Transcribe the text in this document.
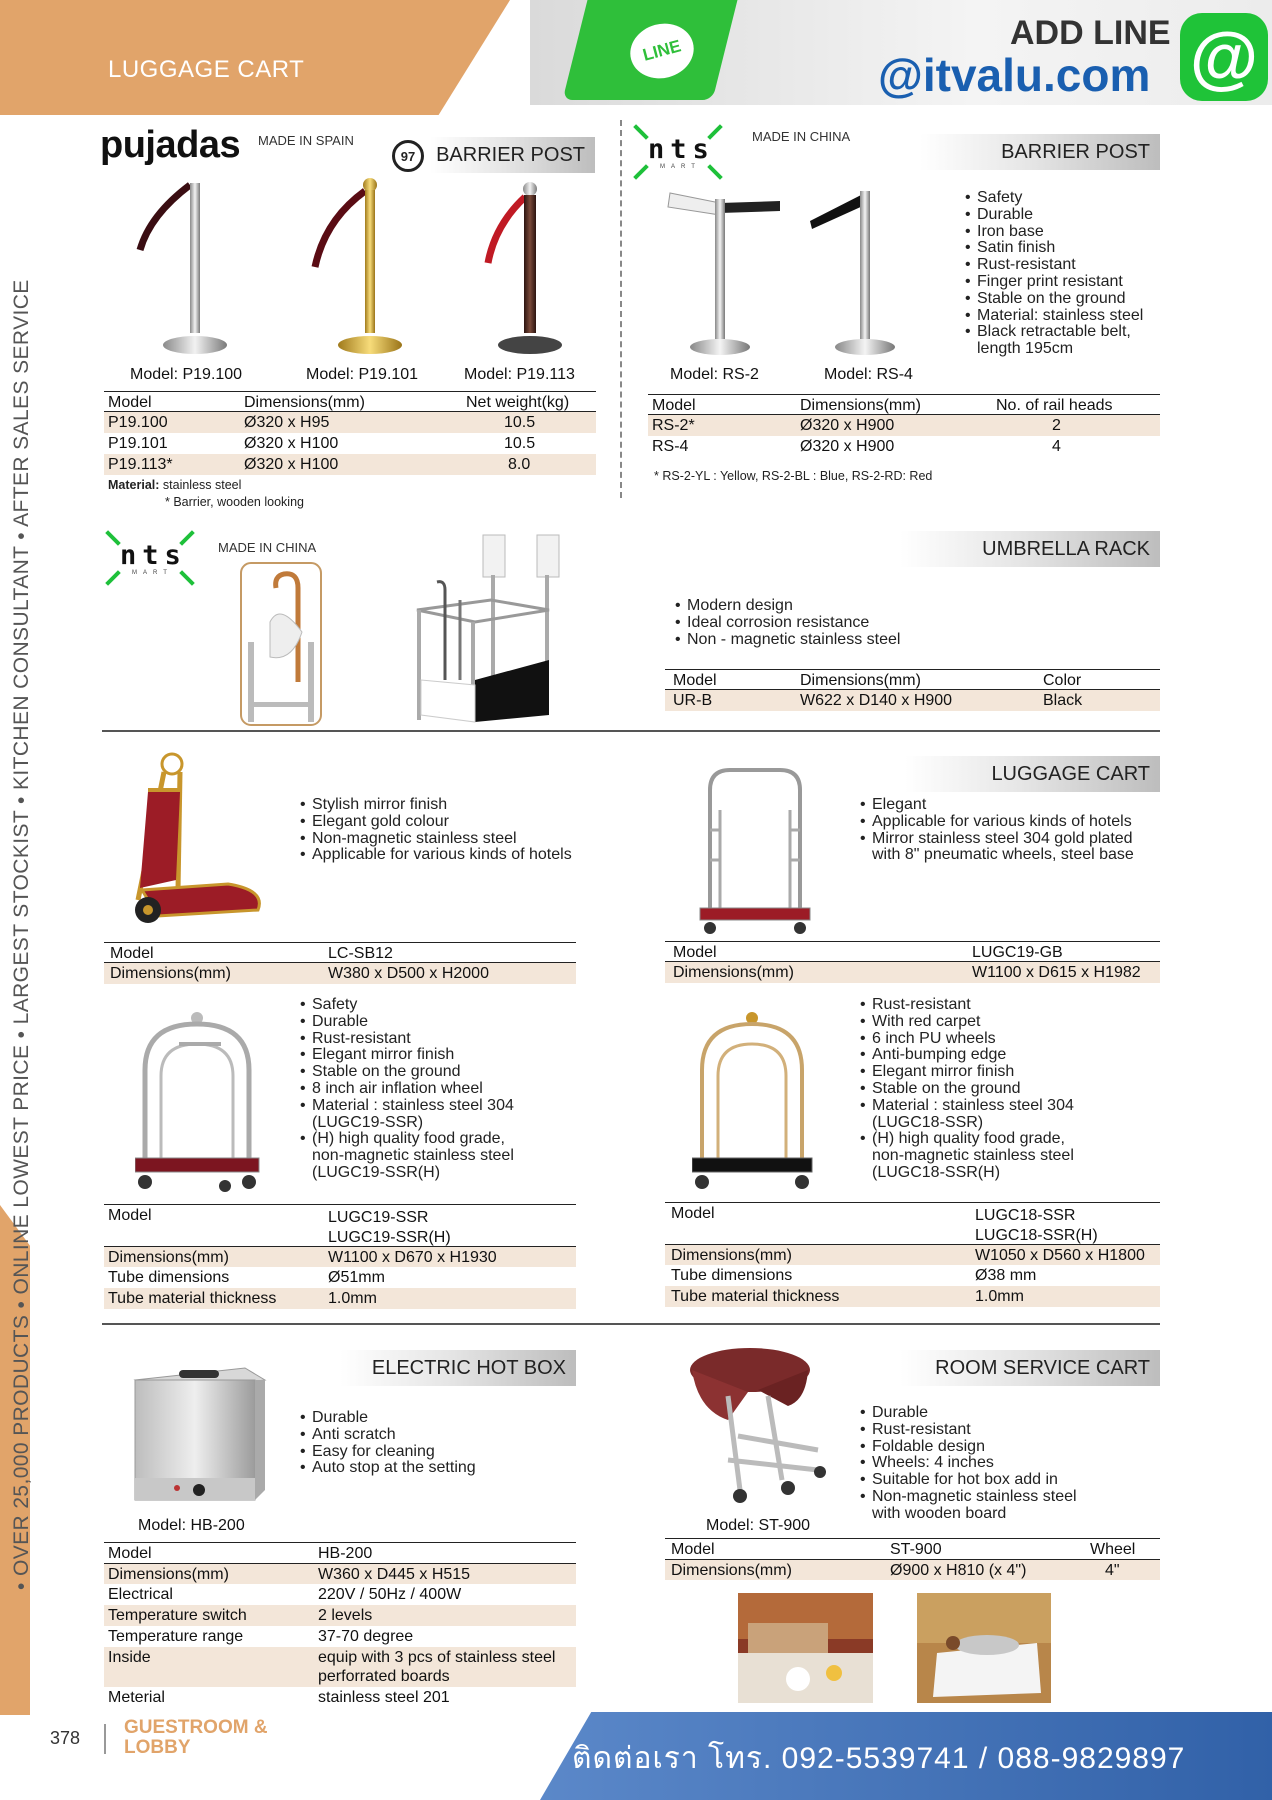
LUGGAGE CART
LINE	ADD LINE
@itvalu.com @
• OVER 25,000 PRODUCTS • ONLINE LOWEST PRICE • LARGEST STOCKIST • KITCHEN CONSULTANT • AFTER SALES SERVICE
pujadas MADE IN SPAIN
97	BARRIER POST
Model: P19.100	Model: P19.101	Model: P19.113
Model	Dimensions(mm)	Net weight(kg)
P19.100	Ø320 x H95	10.5
P19.101	Ø320 x H100	10.5
P19.113*	Ø320 x H100	8.0
Material: stainless steel
* Barrier, wooden looking
nts
MART
MADE IN CHINA
BARRIER POST
• Safety
• Durable
• Iron base
• Satin finish
• Rust-resistant
• Finger print resistant
• Stable on the ground
• Material: stainless steel
• Black retractable belt,
length 195cm
Model: RS-2	Model: RS-4
Model	Dimensions(mm)	No. of rail heads
RS-2*	Ø320 x H900	2
RS-4	Ø320 x H900	4
* RS-2-YL : Yellow, RS-2-BL : Blue, RS-2-RD: Red
nts
MART
MADE IN CHINA	UMBRELLA RACK
• Modern design
• Ideal corrosion resistance
• Non - magnetic stainless steel
Model	Dimensions(mm)	Color
UR-B	W622 x D140 x H900	Black
• Stylish mirror finish
• Elegant gold colour
• Non-magnetic stainless steel
• Applicable for various kinds of hotels
Model	LC-SB12
Dimensions(mm)	W380 x D500 x H2000
LUGGAGE CART
• Elegant
• Applicable for various kinds of hotels
• Mirror stainless steel 304 gold plated
with 8" pneumatic wheels, steel base
Model	LUGC19-GB
Dimensions(mm)	W1100 x D615 x H1982
• Safety
• Durable
• Rust-resistant
• Elegant mirror finish
• Stable on the ground
• 8 inch air inflation wheel
• Material : stainless steel 304
(LUGC19-SSR)
• (H) high quality food grade,
non-magnetic stainless steel
(LUGC19-SSR(H)
Model	LUGC19-SSR
LUGC19-SSR(H)
Dimensions(mm)	W1100 x D670 x H1930
Tube dimensions	Ø51mm
Tube material thickness	1.0mm
• Rust-resistant
• With red carpet
• 6 inch PU wheels
• Anti-bumping edge
• Elegant mirror finish
• Stable on the ground
• Material : stainless steel 304
(LUGC18-SSR)
• (H) high quality food grade,
non-magnetic stainless steel
(LUGC18-SSR(H)
Model	LUGC18-SSR
LUGC18-SSR(H)
Dimensions(mm)	W1050 x D560 x H1800
Tube dimensions	Ø38 mm
Tube material thickness	1.0mm
ELECTRIC HOT BOX
Model: HB-200
• Durable
• Anti scratch
• Easy for cleaning
• Auto stop at the setting
Model	HB-200
Dimensions(mm)	W360 x D445 x H515
Electrical	220V / 50Hz / 400W
Temperature switch	2 levels
Temperature range	37-70 degree
Inside	equip with 3 pcs of stainless steel
perforrated boards
Meterial	stainless steel 201
ROOM SERVICE CART
Model: ST-900
• Durable
• Rust-resistant
• Foldable design
• Wheels: 4 inches
• Suitable for hot box add in
• Non-magnetic stainless steel
with wooden board
Model	ST-900	Wheel
Dimensions(mm)	Ø900 x H810 (x 4")	4"
378 GUESTROOM &
LOBBY	ติดต่อเรา โทร. 092-5539741 / 088-9829897
